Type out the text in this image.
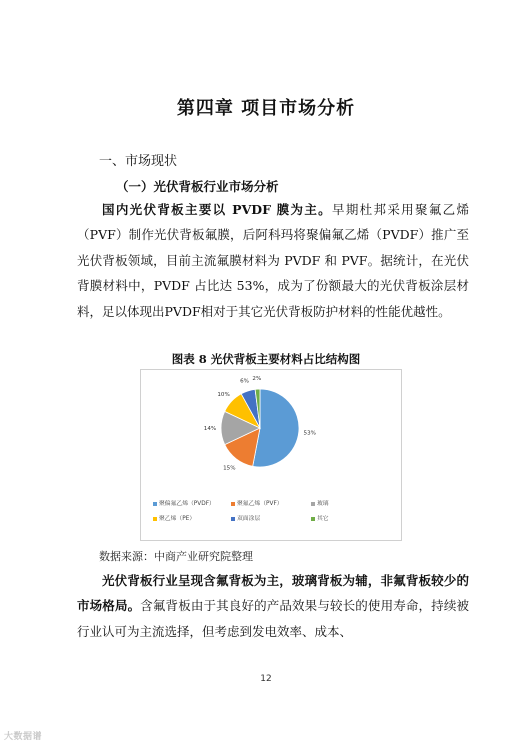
第四章 项目市场分析
一、市场现状
（一）光伏背板行业市场分析
国内光伏背板主要以 PVDF 膜为主。早期杜邦采用聚氟乙烯（PVF）制作光伏背板氟膜，后阿科玛将聚偏氟乙烯（PVDF）推广至光伏背板领域，目前主流氟膜材料为 PVDF 和 PVF。据统计，在光伏背膜材料中，PVDF 占比达 53%，成为了份额最大的光伏背板涂层材料，足以体现出PVDF相对于其它光伏背板防护材料的性能优越性。
图表 8 光伏背板主要材料占比结构图
53%
15%
14%
10%
6% 2%
聚偏氟乙烯（PVDF）	聚氟乙烯（PVF）	玻璃
聚乙烯（PE）	双面涂层	其它
数据来源：中商产业研究院整理
光伏背板行业呈现含氟背板为主，玻璃背板为辅，非氟背板较少的市场格局。含氟背板由于其良好的产品效果与较长的使用寿命，持续被行业认可为主流选择，但考虑到发电效率、成本、
12
大数据谱
